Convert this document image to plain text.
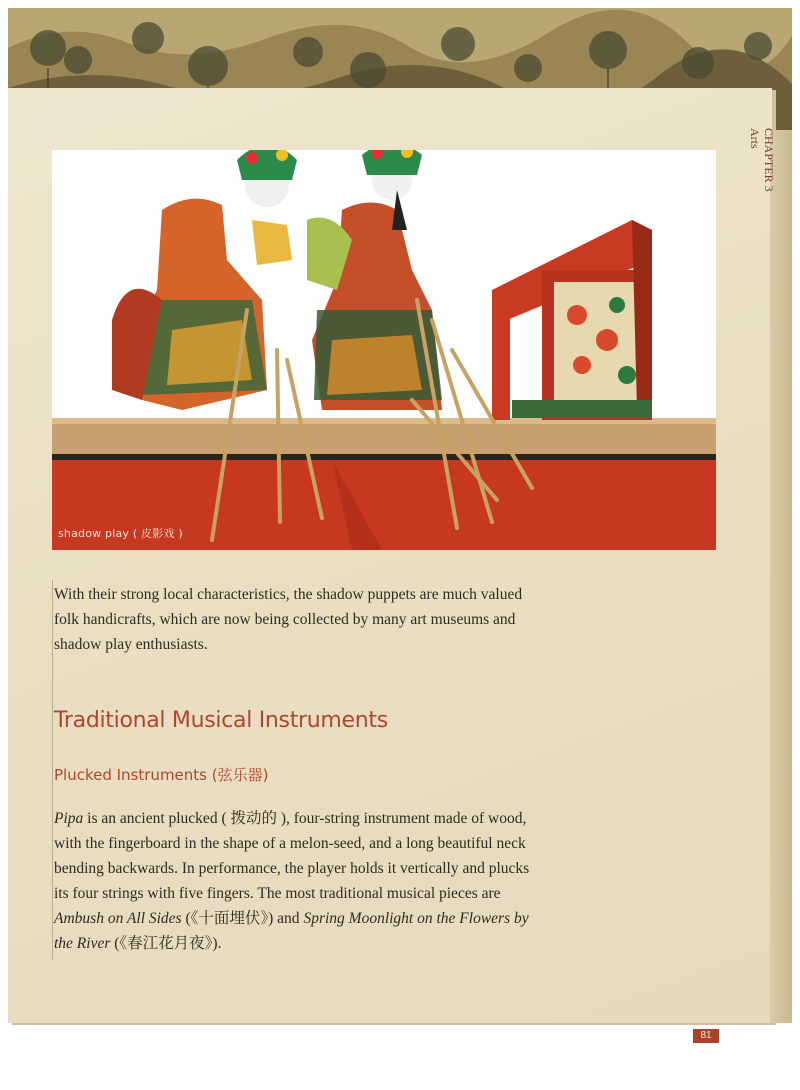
CHAPTER 3
Arts
shadow play ( 皮影戏 )

With their strong local characteristics, the shadow puppets are much valued folk handicrafts, which are now being collected by many art museums and shadow play enthusiasts.

Traditional Musical Instruments
Plucked Instruments (弦乐器)

Pipa is an ancient plucked ( 拨动的 ), four-string instrument made of wood, with the fingerboard in the shape of a melon-seed, and a long beautiful neck bending backwards. In performance, the player holds it vertically and plucks its four strings with five fingers. The most traditional musical pieces are Ambush on All Sides (《十面埋伏》) and Spring Moonlight on the Flowers by the River (《春江花月夜》).

81
